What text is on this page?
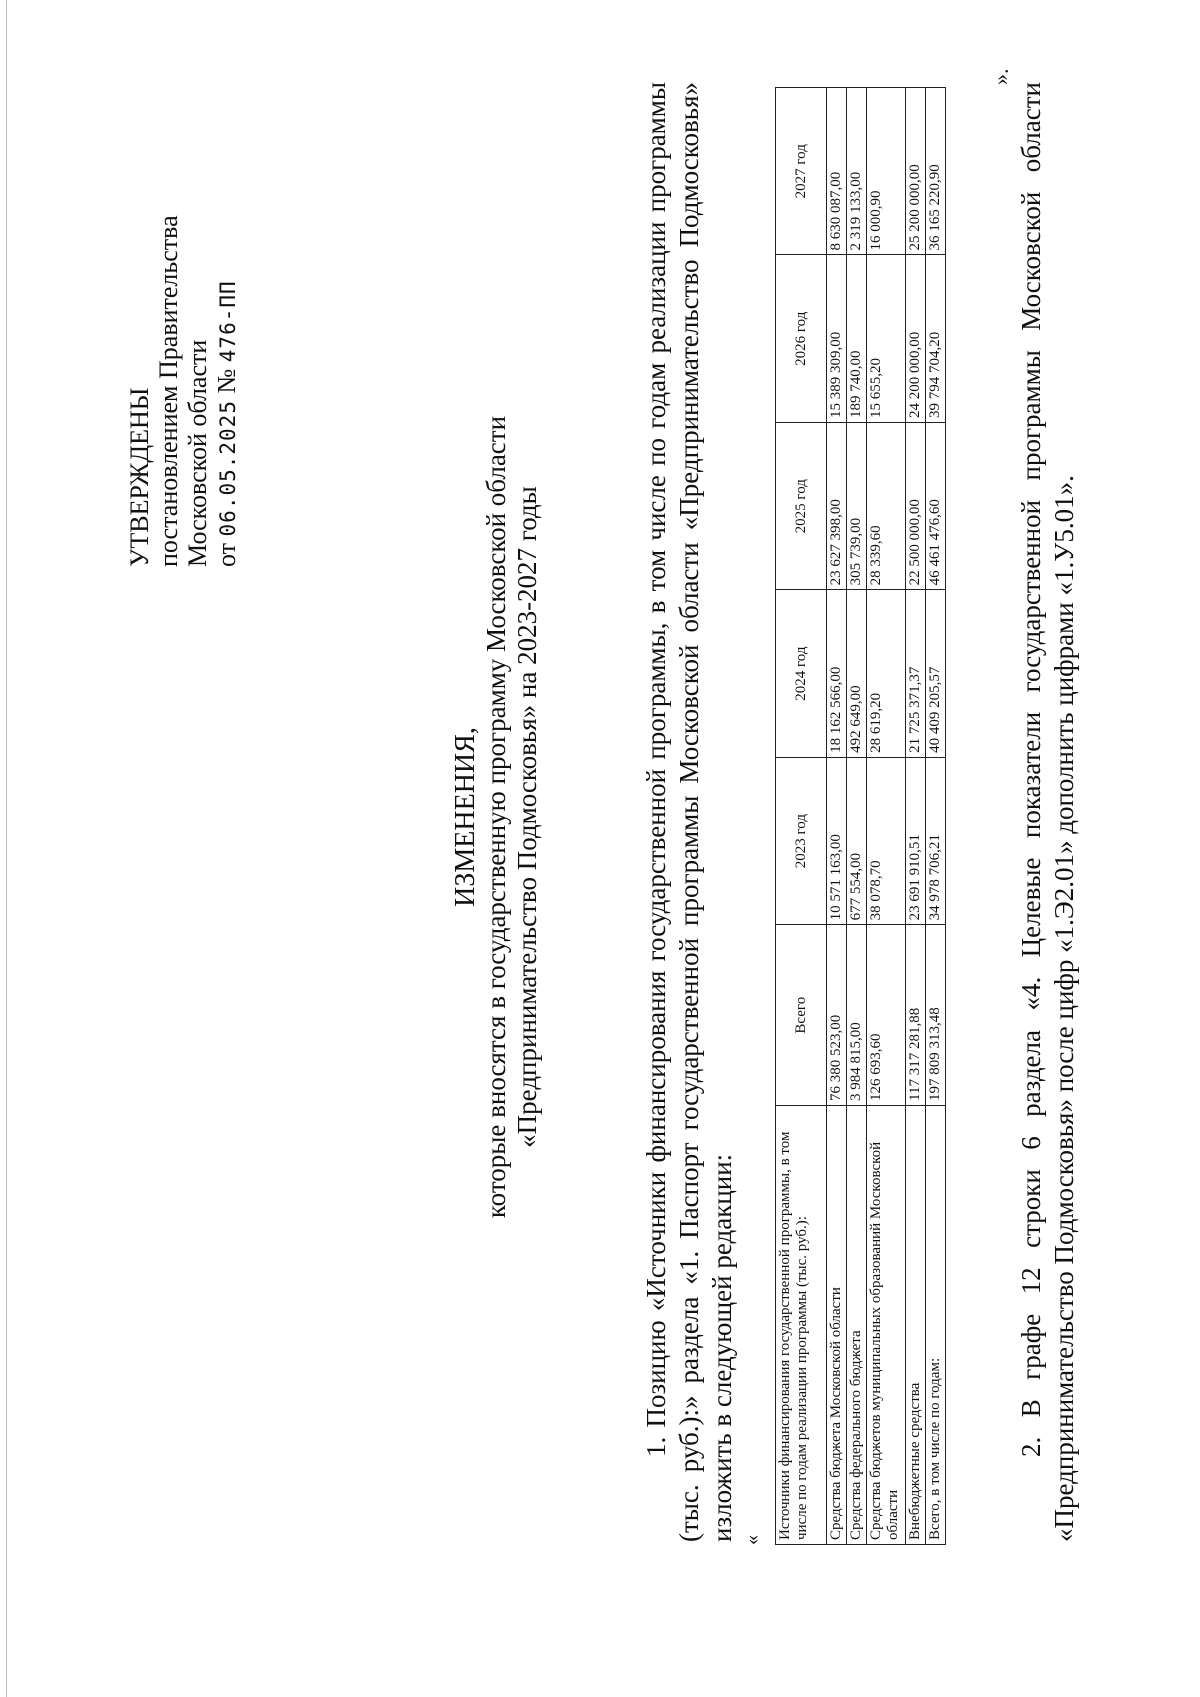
УТВЕРЖДЕНЫ постановлением Правительства Московской области от 06.05.2025 № 476-ПП
ИЗМЕНЕНИЯ, которые вносятся в государственную программу Московской области «Предпринимательство Подмосковья» на 2023-2027 годы	1. Позицию «Источники финансирования государственной программы, в том числе по годам реализации программы (тыс. руб.):» раздела «1. Паспорт государственной программы Московской области «Предпринимательство Подмосковья» изложить в следующей редакции: « Источники финансирования государственной программы, в том числе по годам реализации программы (тыс. руб.):	Всего	2023 год	2024 год	2025 год	2026 год	2027 год
Средства бюджета Московской области	76 380 523,00	10 571 163,00	18 162 566,00	23 627 398,00	15 389 309,00	8 630 087,00
Средства федерального бюджета	3 984 815,00	677 554,00	492 649,00	305 739,00	189 740,00	2 319 133,00
Средства бюджетов муниципальных образований Московской области	126 693,60	38 078,70	28 619,20	28 339,60	15 655,20	16 000,90
Внебюджетные средства	117 317 281,88	23 691 910,51	21 725 371,37	22 500 000,00	24 200 000,00	25 200 000,00
Всего, в том числе по годам:	197 809 313,48	34 978 706,21	40 409 205,57	46 461 476,60	39 794 704,20	36 165 220,90
».
2. В графе 12 строки 6 раздела «4. Целевые показатели государственной программы Московской области «Предпринимательство Подмосковья» после цифр «1.Э2.01» дополнить цифрами «1.У5.01».
